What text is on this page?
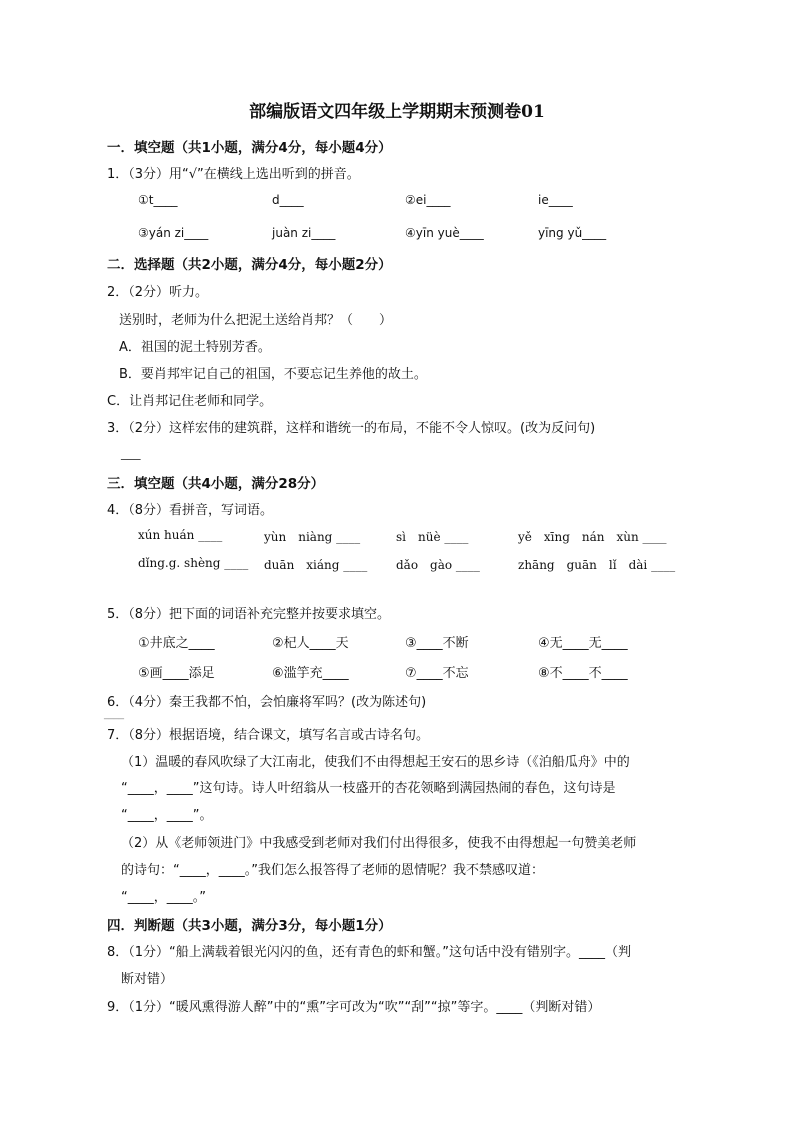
部编版语文四年级上学期期末预测卷01
一．填空题（共1小题，满分4分，每小题4分）
1．（3分）用“√”在横线上选出听到的拼音。
①t____	d____	②ei____	ie____
③yán zi____	juàn zi____	④yīn yuè____	yīng yǔ____
二．选择题（共2小题，满分4分，每小题2分）
2．（2分）听力。
送别时，老师为什么把泥土送给肖邦？（　　）
A．祖国的泥土特别芳香。
B．要肖邦牢记自己的祖国，不要忘记生养他的故土。
C．让肖邦记住老师和同学。
3．（2分）这样宏伟的建筑群，这样和谐统一的布局，不能不令人惊叹。(改为反问句)
___
三．填空题（共4小题，满分28分）
4．（8分）看拼音，写词语。
xún huán ____	yùn　niàng ____	sì　nüè ____	yě　xīng　nán　xùn ____
dǐng.g. shèng ____ duān　xiáng ____ dǎo　gào ____	zhāng　guān　lǐ　dài ____
5．（8分）把下面的词语补充完整并按要求填空。
①井底之____	②杞人____天	③____不断	④无____无____
⑤画____添足	⑥滥竽充____	⑦____不忘	⑧不____不____
6．（4分）秦王我都不怕，会怕廉将军吗？(改为陈述句)
____
7．（8分）根据语境，结合课文，填写名言或古诗名句。
（1）温暖的春风吹绿了大江南北，使我们不由得想起王安石的思乡诗（《泊船瓜舟》中的
“____，____”这句诗。诗人叶绍翁从一枝盛开的杏花领略到满园热闹的春色，这句诗是
“____，____”。
（2）从《老师领进门》中我感受到老师对我们付出得很多，使我不由得想起一句赞美老师
的诗句：“____，____。”我们怎么报答得了老师的恩情呢？我不禁感叹道：
“____，____。”
四．判断题（共3小题，满分3分，每小题1分）
8．（1分）“船上满载着银光闪闪的鱼，还有青色的虾和蟹。”这句话中没有错别字。____（判
断对错）
9．（1分）“暖风熏得游人醉”中的“熏”字可改为“吹”“刮”“掠”等字。____（判断对错）
